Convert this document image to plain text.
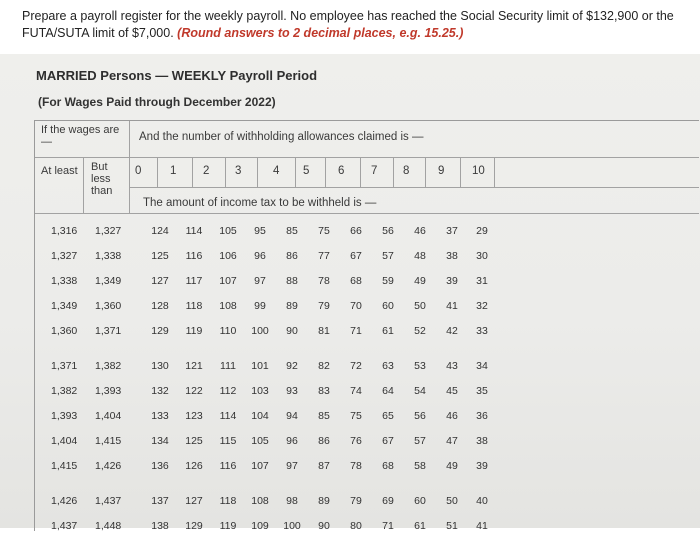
Prepare a payroll register for the weekly payroll. No employee has reached the Social Security limit of $132,900 or the
FUTA/SUTA limit of $7,000. (Round answers to 2 decimal places, e.g. 15.25.)
MARRIED Persons — WEEKLY Payroll Period
(For Wages Paid through December 2022)
If the wages are —	And the number of withholding allowances claimed is —
At least	But less than
0 1 2 3	4 5 6 7 8 9 10
The amount of income tax to be withheld is —
1,316 1,327	124	114	105	95	85	75	66	56	46	37	29
1,327 1,338	125	116	106	96	86	77	67	57	48	38	30
1,338 1,349	127	117	107	97	88	78	68	59	49	39	31
1,349 1,360	128	118	108	99	89	79	70	60	50	41	32
1,360 1,371	129	119	110	100	90	81	71	61	52	42	33
1,371 1,382	130	121	111	101	92	82	72	63	53	43	34
1,382 1,393	132	122	112	103	93	83	74	64	54	45	35
1,393 1,404	133	123	114	104	94	85	75	65	56	46	36
1,404 1,415	134	125	115	105	96	86	76	67	57	47	38
1,415 1,426	136	126	116	107	97	87	78	68	58	49	39
1,426 1,437	137	127	118	108	98	89	79	69	60	50	40
1,437 1,448	138	129	119	109	100	90	80	71	61	51	41
